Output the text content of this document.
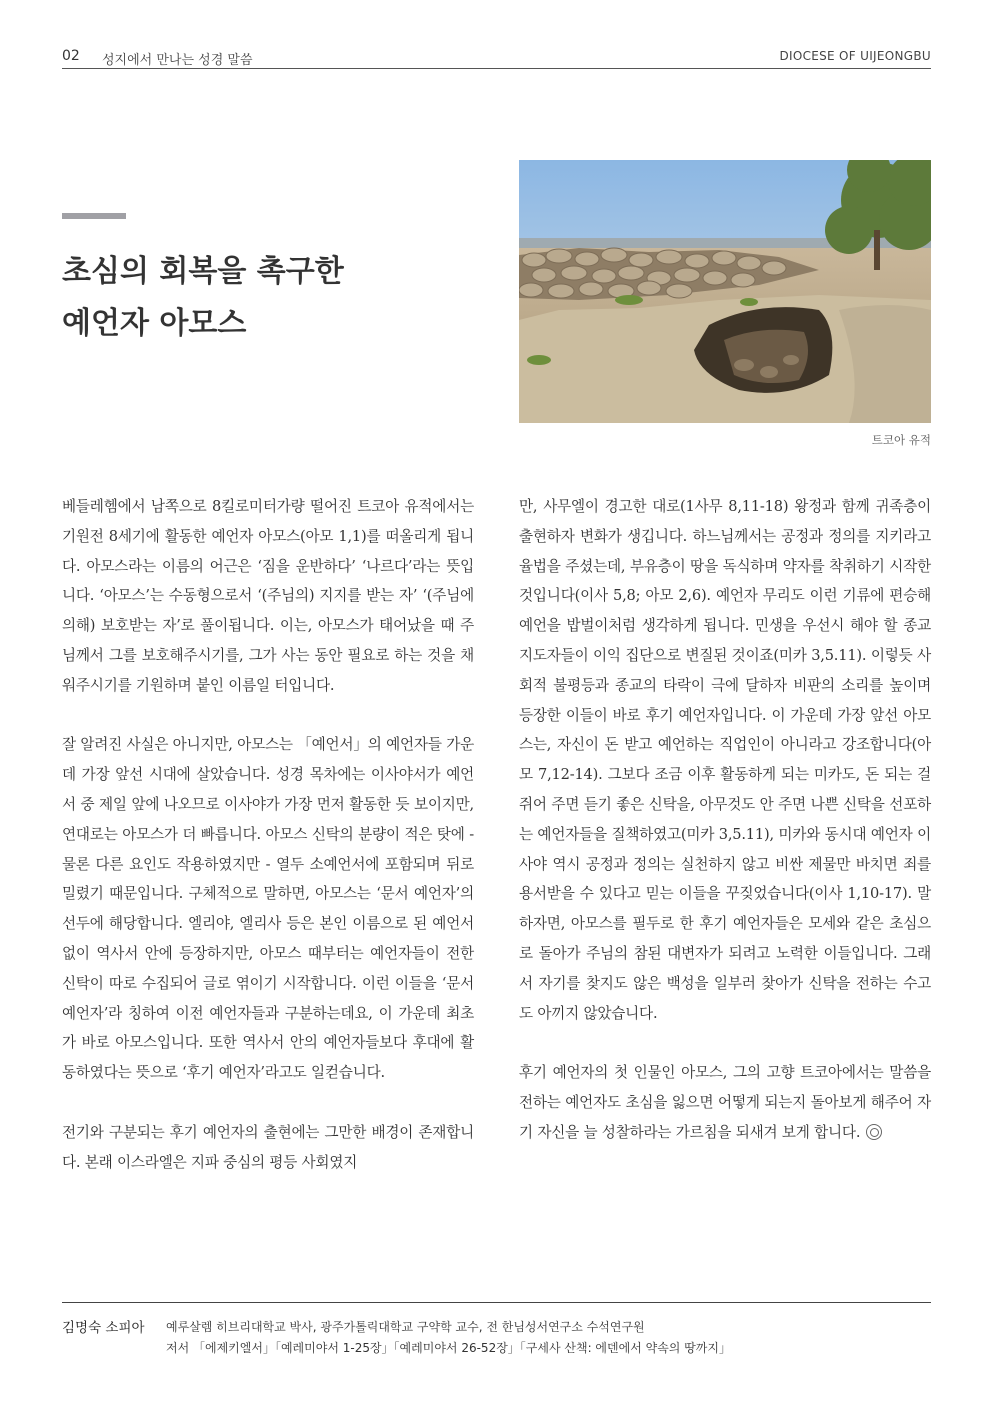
02 성지에서 만나는 성경 말씀	DIOCESE OF UIJEONGBU
초심의 회복을 촉구한
예언자 아모스
트코아 유적

베들레헴에서 남쪽으로 8킬로미터가량 떨어진 트코아 유적에서는 기원전 8세기에 활동한 예언자 아모스(아모 1,1)를 떠올리게 됩니다. 아모스라는 이름의 어근은 ‘짐을 운반하다’ ‘나르다’라는 뜻입니다. ‘아모스’는 수동형으로서 ‘(주님의) 지지를 받는 자’ ‘(주님에 의해) 보호받는 자’로 풀이됩니다. 이는, 아모스가 태어났을 때 주님께서 그를 보호해주시기를, 그가 사는 동안 필요로 하는 것을 채워주시기를 기원하며 붙인 이름일 터입니다.

잘 알려진 사실은 아니지만, 아모스는 「예언서」의 예언자들 가운데 가장 앞선 시대에 살았습니다. 성경 목차에는 이사야서가 예언서 중 제일 앞에 나오므로 이사야가 가장 먼저 활동한 듯 보이지만, 연대로는 아모스가 더 빠릅니다. 아모스 신탁의 분량이 적은 탓에 - 물론 다른 요인도 작용하였지만 - 열두 소예언서에 포함되며 뒤로 밀렸기 때문입니다. 구체적으로 말하면, 아모스는 ‘문서 예언자’의 선두에 해당합니다. 엘리야, 엘리사 등은 본인 이름으로 된 예언서 없이 역사서 안에 등장하지만, 아모스 때부터는 예언자들이 전한 신탁이 따로 수집되어 글로 엮이기 시작합니다. 이런 이들을 ‘문서 예언자’라 칭하여 이전 예언자들과 구분하는데요, 이 가운데 최초가 바로 아모스입니다. 또한 역사서 안의 예언자들보다 후대에 활동하였다는 뜻으로 ‘후기 예언자’라고도 일컫습니다.

전기와 구분되는 후기 예언자의 출현에는 그만한 배경이 존재합니다. 본래 이스라엘은 지파 중심의 평등 사회였지

만, 사무엘이 경고한 대로(1사무 8,11-18) 왕정과 함께 귀족층이 출현하자 변화가 생깁니다. 하느님께서는 공정과 정의를 지키라고 율법을 주셨는데, 부유층이 땅을 독식하며 약자를 착취하기 시작한 것입니다(이사 5,8; 아모 2,6). 예언자 무리도 이런 기류에 편승해 예언을 밥벌이처럼 생각하게 됩니다. 민생을 우선시 해야 할 종교 지도자들이 이익 집단으로 변질된 것이죠(미카 3,5.11). 이렇듯 사회적 불평등과 종교의 타락이 극에 달하자 비판의 소리를 높이며 등장한 이들이 바로 후기 예언자입니다. 이 가운데 가장 앞선 아모스는, 자신이 돈 받고 예언하는 직업인이 아니라고 강조합니다(아모 7,12-14). 그보다 조금 이후 활동하게 되는 미카도, 돈 되는 걸 쥐어 주면 듣기 좋은 신탁을, 아무것도 안 주면 나쁜 신탁을 선포하는 예언자들을 질책하였고(미카 3,5.11), 미카와 동시대 예언자 이사야 역시 공정과 정의는 실천하지 않고 비싼 제물만 바치면 죄를 용서받을 수 있다고 믿는 이들을 꾸짖었습니다(이사 1,10-17). 말하자면, 아모스를 필두로 한 후기 예언자들은 모세와 같은 초심으로 돌아가 주님의 참된 대변자가 되려고 노력한 이들입니다. 그래서 자기를 찾지도 않은 백성을 일부러 찾아가 신탁을 전하는 수고도 아끼지 않았습니다.

후기 예언자의 첫 인물인 아모스, 그의 고향 트코아에서는 말씀을 전하는 예언자도 초심을 잃으면 어떻게 되는지 돌아보게 해주어 자기 자신을 늘 성찰하라는 가르침을 되새겨 보게 합니다.

김명숙 소피아 예루살렘 히브리대학교 박사, 광주가톨릭대학교 구약학 교수, 전 한님성서연구소 수석연구원
저서 「에제키엘서」「예레미야서 1-25장」「예레미야서 26-52장」「구세사 산책: 에덴에서 약속의 땅까지」
